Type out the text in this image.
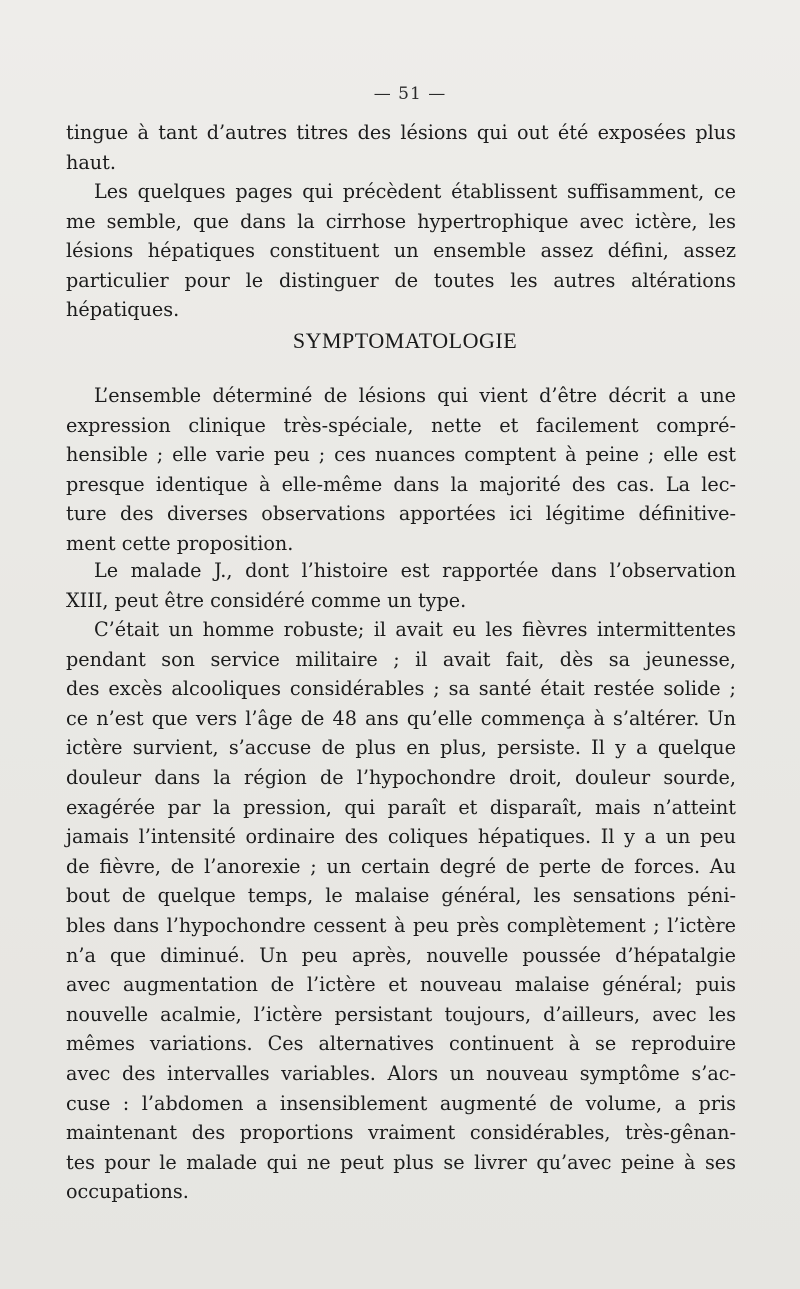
— 51 —
tingue à tant d’autres titres des lésions qui out été exposées plus
haut.
Les quelques pages qui précèdent établissent suffisamment, ce
me semble, que dans la cirrhose hypertrophique avec ictère, les
lésions hépatiques constituent un ensemble assez défini, assez
particulier pour le distinguer de toutes les autres altérations
hépatiques.
SYMPTOMATOLOGIE
L’ensemble déterminé de lésions qui vient d’être décrit a une
expression clinique très-spéciale, nette et facilement compré-
hensible ; elle varie peu ; ces nuances comptent à peine ; elle est
presque identique à elle-même dans la majorité des cas. La lec-
ture des diverses observations apportées ici légitime définitive-
ment cette proposition.
Le malade J., dont l’histoire est rapportée dans l’observation
XIII, peut être considéré comme un type.
C’était un homme robuste; il avait eu les fièvres intermittentes
pendant son service militaire ; il avait fait, dès sa jeunesse,
des excès alcooliques considérables ; sa santé était restée solide ;
ce n’est que vers l’âge de 48 ans qu’elle commença à s’altérer. Un
ictère survient, s’accuse de plus en plus, persiste. Il y a quelque
douleur dans la région de l’hypochondre droit, douleur sourde,
exagérée par la pression, qui paraît et disparaît, mais n’atteint
jamais l’intensité ordinaire des coliques hépatiques. Il y a un peu
de fièvre, de l’anorexie ; un certain degré de perte de forces. Au
bout de quelque temps, le malaise général, les sensations péni-
bles dans l’hypochondre cessent à peu près complètement ; l’ictère
n’a que diminué. Un peu après, nouvelle poussée d’hépatalgie
avec augmentation de l’ictère et nouveau malaise général; puis
nouvelle acalmie, l’ictère persistant toujours, d’ailleurs, avec les
mêmes variations. Ces alternatives continuent à se reproduire
avec des intervalles variables. Alors un nouveau symptôme s’ac-
cuse : l’abdomen a insensiblement augmenté de volume, a pris
maintenant des proportions vraiment considérables, très-gênan-
tes pour le malade qui ne peut plus se livrer qu’avec peine à ses
occupations.
